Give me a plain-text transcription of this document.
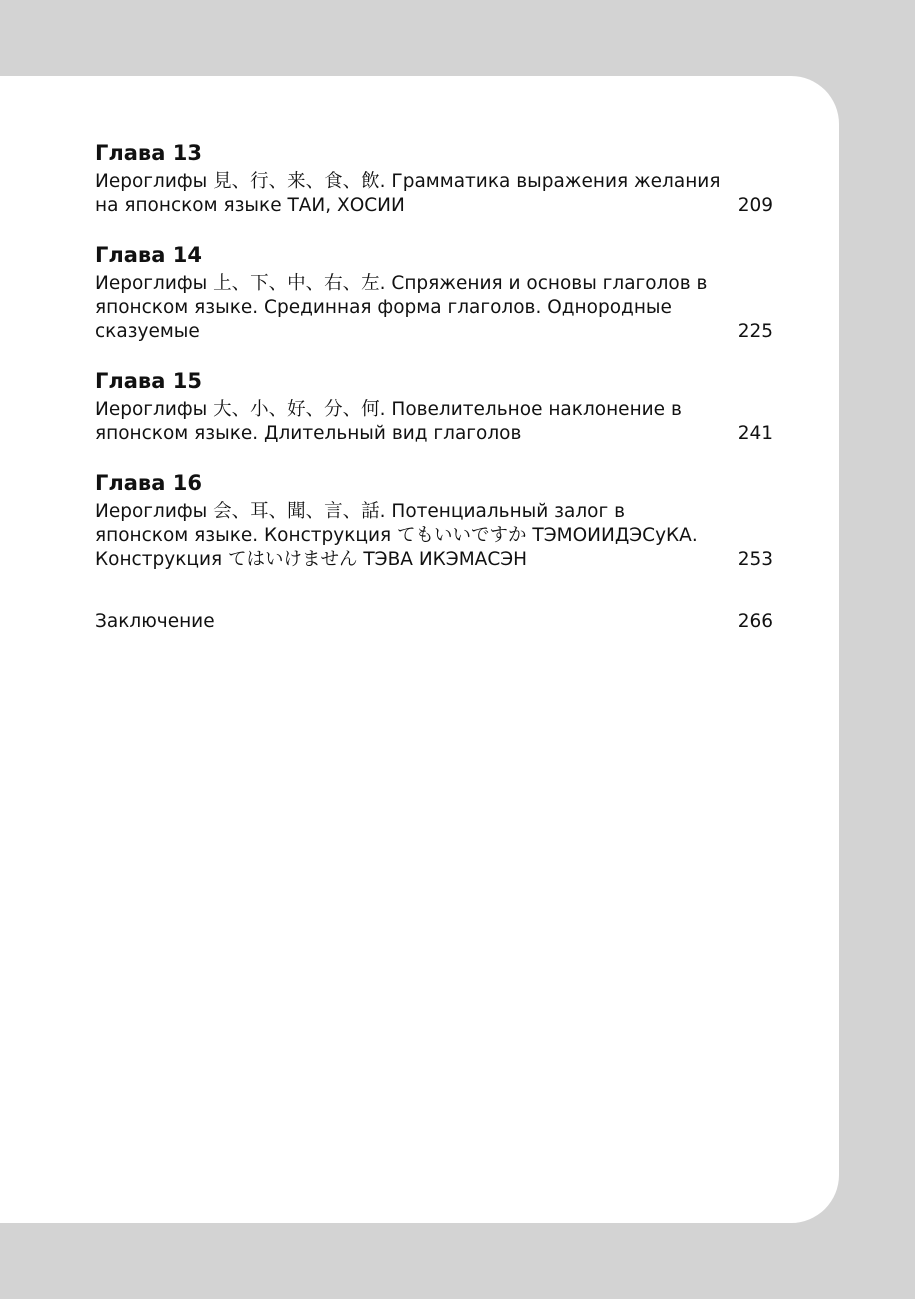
Глава 13
Иероглифы 見、行、来、食、飲. Грамматика выражения желания на японском языке ТАИ, ХОСИИ	209
Глава 14
Иероглифы 上、下、中、右、左. Спряжения и основы глаголов в японском языке. Срединная форма глаголов. Однородные сказуемые	225
Глава 15
Иероглифы 大、小、好、分、何. Повелительное наклонение в японском языке. Длительный вид глаголов	241
Глава 16
Иероглифы 会、耳、聞、言、話. Потенциальный залог в японском языке. Конструкция てもいいですか ТЭМОИИДЭСуКА. Конструкция てはいけません ТЭВА ИКЭМАСЭН	253
Заключение	266
